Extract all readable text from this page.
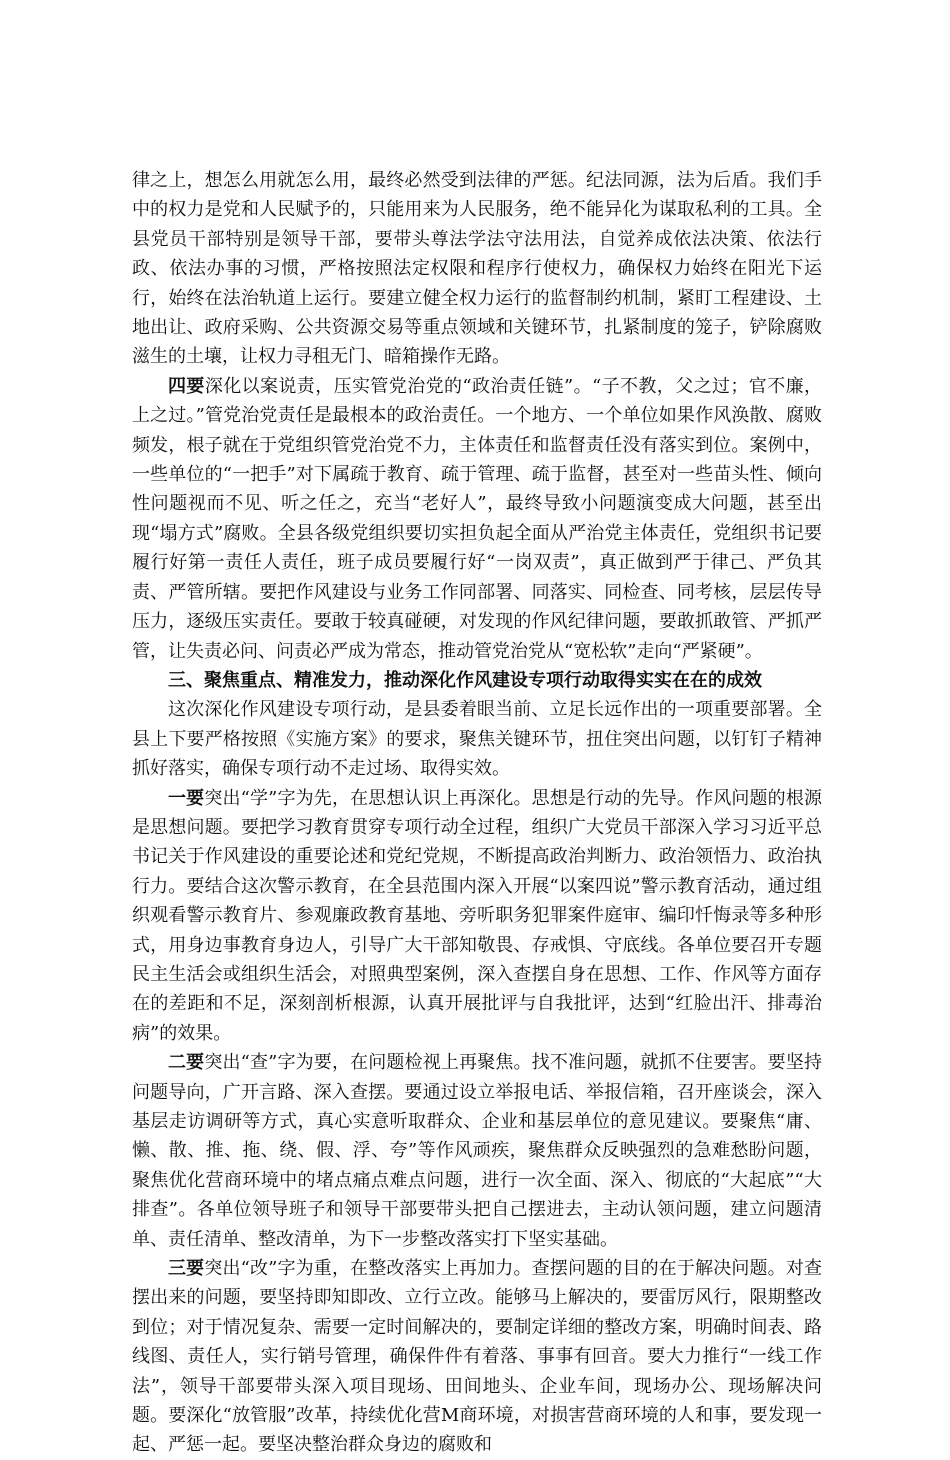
律之上，想怎么用就怎么用，最终必然受到法律的严惩。纪法同源，法为后盾。我们手中的权力是党和人民赋予的，只能用来为人民服务，绝不能异化为谋取私利的工具。全县党员干部特别是领导干部，要带头尊法学法守法用法，自觉养成依法决策、依法行政、依法办事的习惯，严格按照法定权限和程序行使权力，确保权力始终在阳光下运行，始终在法治轨道上运行。要建立健全权力运行的监督制约机制，紧盯工程建设、土地出让、政府采购、公共资源交易等重点领域和关键环节，扎紧制度的笼子，铲除腐败滋生的土壤，让权力寻租无门、暗箱操作无路。

四要深化以案说责，压实管党治党的“政治责任链”。“子不教，父之过；官不廉，上之过。”管党治党责任是最根本的政治责任。一个地方、一个单位如果作风涣散、腐败频发，根子就在于党组织管党治党不力，主体责任和监督责任没有落实到位。案例中，一些单位的“一把手”对下属疏于教育、疏于管理、疏于监督，甚至对一些苗头性、倾向性问题视而不见、听之任之，充当“老好人”，最终导致小问题演变成大问题，甚至出现“塌方式”腐败。全县各级党组织要切实担负起全面从严治党主体责任，党组织书记要履行好第一责任人责任，班子成员要履行好“一岗双责”，真正做到严于律己、严负其责、严管所辖。要把作风建设与业务工作同部署、同落实、同检查、同考核，层层传导压力，逐级压实责任。要敢于较真碰硬，对发现的作风纪律问题，要敢抓敢管、严抓严管，让失责必问、问责必严成为常态，推动管党治党从“宽松软”走向“严紧硬”。

三、聚焦重点、精准发力，推动深化作风建设专项行动取得实实在在的成效

这次深化作风建设专项行动，是县委着眼当前、立足长远作出的一项重要部署。全县上下要严格按照《实施方案》的要求，聚焦关键环节，扭住突出问题，以钉钉子精神抓好落实，确保专项行动不走过场、取得实效。

一要突出“学”字为先，在思想认识上再深化。思想是行动的先导。作风问题的根源是思想问题。要把学习教育贯穿专项行动全过程，组织广大党员干部深入学习习近平总书记关于作风建设的重要论述和党纪党规，不断提高政治判断力、政治领悟力、政治执行力。要结合这次警示教育，在全县范围内深入开展“以案四说”警示教育活动，通过组织观看警示教育片、参观廉政教育基地、旁听职务犯罪案件庭审、编印忏悔录等多种形式，用身边事教育身边人，引导广大干部知敬畏、存戒惧、守底线。各单位要召开专题民主生活会或组织生活会，对照典型案例，深入查摆自身在思想、工作、作风等方面存在的差距和不足，深刻剖析根源，认真开展批评与自我批评，达到“红脸出汗、排毒治病”的效果。

二要突出“查”字为要，在问题检视上再聚焦。找不准问题，就抓不住要害。要坚持问题导向，广开言路、深入查摆。要通过设立举报电话、举报信箱，召开座谈会，深入基层走访调研等方式，真心实意听取群众、企业和基层单位的意见建议。要聚焦“庸、懒、散、推、拖、绕、假、浮、夸”等作风顽疾，聚焦群众反映强烈的急难愁盼问题，聚焦优化营商环境中的堵点痛点难点问题，进行一次全面、深入、彻底的“大起底”“大排查”。各单位领导班子和领导干部要带头把自己摆进去，主动认领问题，建立问题清单、责任清单、整改清单，为下一步整改落实打下坚实基础。

三要突出“改”字为重，在整改落实上再加力。查摆问题的目的在于解决问题。对查摆出来的问题，要坚持即知即改、立行立改。能够马上解决的，要雷厉风行，限期整改到位；对于情况复杂、需要一定时间解决的，要制定详细的整改方案，明确时间表、路线图、责任人，实行销号管理，确保件件有着落、事事有回音。要大力推行“一线工作法”，领导干部要带头深入项目现场、田间地头、企业车间，现场办公、现场解决问题。要深化“放管服”改革，持续优化营M商环境，对损害营商环境的人和事，要发现一起、严惩一起。要坚决整治群众身边的腐败和
